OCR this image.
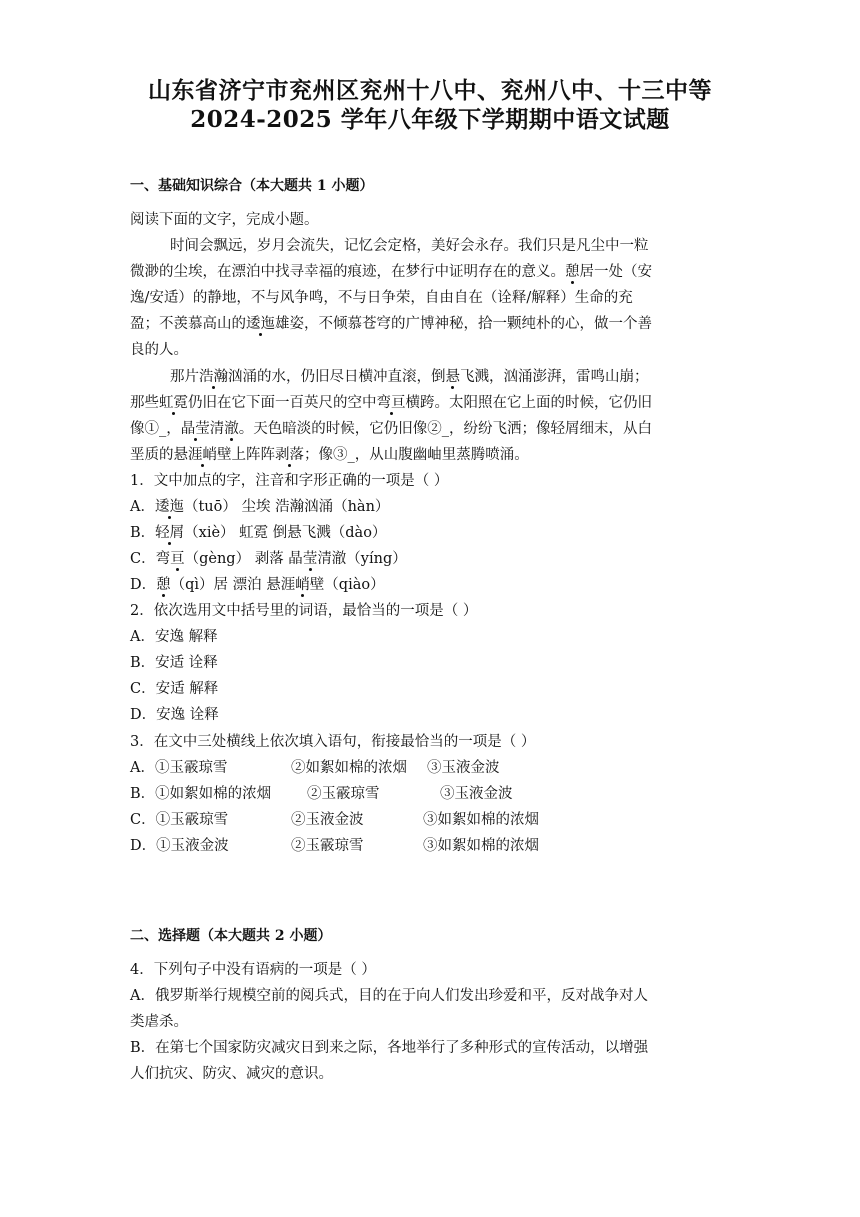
山东省济宁市兖州区兖州十八中、兖州八中、十三中等
2024-2025 学年八年级下学期期中语文试题
一、基础知识综合（本大题共 1 小题）
阅读下面的文字，完成小题。
时间会飘远，岁月会流失，记忆会定格，美好会永存。我们只是凡尘中一粒
微渺的尘埃，在漂泊中找寻幸福的痕迹，在梦行中证明存在的意义。憩居一处（安
逸/安适）的静地，不与风争鸣，不与日争荣，自由自在（诠释/解释）生命的充
盈；不羡慕高山的逶迤雄姿，不倾慕苍穹的广博神秘，拾一颗纯朴的心，做一个善
良的人。
那片浩瀚汹涌的水，仍旧尽日横冲直滚，倒悬飞溅，汹涌澎湃，雷鸣山崩；
那些虹霓仍旧在它下面一百英尺的空中弯亘横跨。太阳照在它上面的时候，它仍旧
像①_，晶莹清澈。天色暗淡的时候，它仍旧像②_，纷纷飞洒；像轻屑细末，从白
垩质的悬涯峭壁上阵阵剥落；像③_，从山腹幽岫里蒸腾喷涌。
1．文中加点的字，注音和字形正确的一项是（ ）
A．逶迤（tuō） 尘埃 浩瀚汹涌（hàn）
B．轻屑（xiè） 虹霓 倒悬飞溅（dào）
C．弯亘（gèng） 剥落 晶莹清澈（yíng）
D．憩（qì）居 漂泊 悬涯峭壁（qiào）
2．依次选用文中括号里的词语，最恰当的一项是（ ）
A．安逸 解释
B．安适 诠释
C．安适 解释
D．安逸 诠释
3．在文中三处横线上依次填入语句，衔接最恰当的一项是（ ）
A．①玉霰琼雪	②如絮如棉的浓烟 ③玉液金波
B．①如絮如棉的浓烟 ②玉霰琼雪	③玉液金波
C．①玉霰琼雪	②玉液金波	③如絮如棉的浓烟
D．①玉液金波	②玉霰琼雪	③如絮如棉的浓烟
二、选择题（本大题共 2 小题）
4．下列句子中没有语病的一项是（ ）
A．俄罗斯举行规模空前的阅兵式，目的在于向人们发出珍爱和平，反对战争对人
类虐杀。
B．在第七个国家防灾减灾日到来之际，各地举行了多种形式的宣传活动，以增强
人们抗灾、防灾、减灾的意识。
